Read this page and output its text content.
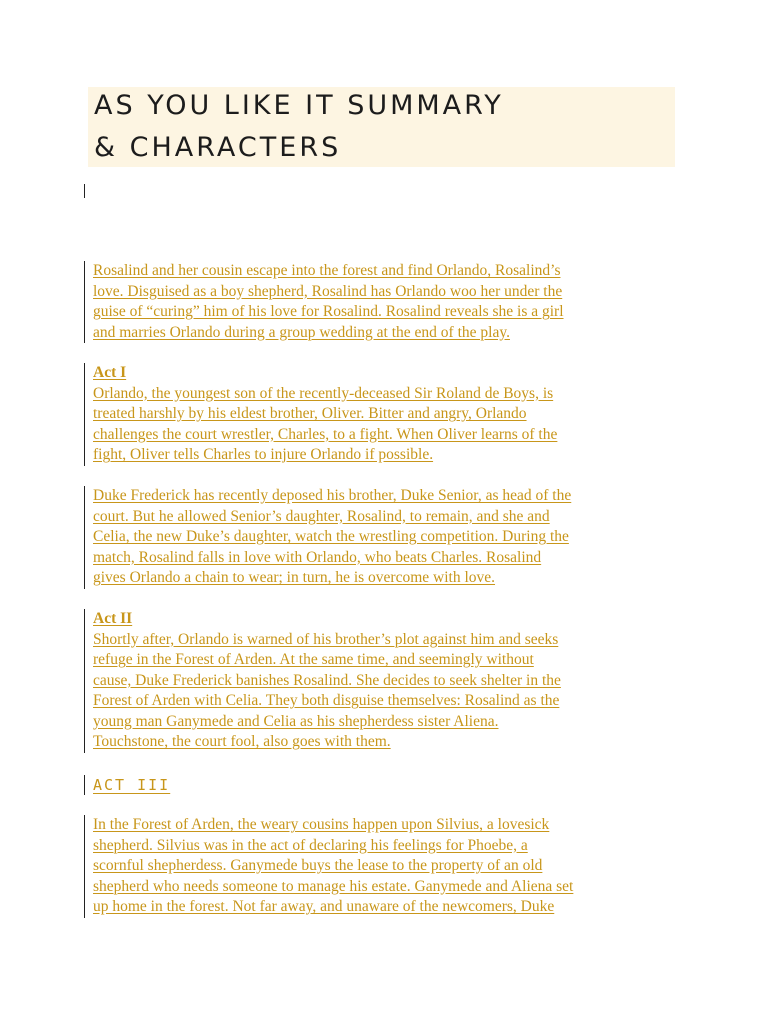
AS YOU LIKE IT SUMMARY
& CHARACTERS
Rosalind and her cousin escape into the forest and find Orlando, Rosalind’s
love. Disguised as a boy shepherd, Rosalind has Orlando woo her under the
guise of “curing” him of his love for Rosalind. Rosalind reveals she is a girl
and marries Orlando during a group wedding at the end of the play.
Act I
Orlando, the youngest son of the recently-deceased Sir Roland de Boys, is
treated harshly by his eldest brother, Oliver. Bitter and angry, Orlando
challenges the court wrestler, Charles, to a fight. When Oliver learns of the
fight, Oliver tells Charles to injure Orlando if possible.
Duke Frederick has recently deposed his brother, Duke Senior, as head of the
court. But he allowed Senior’s daughter, Rosalind, to remain, and she and
Celia, the new Duke’s daughter, watch the wrestling competition. During the
match, Rosalind falls in love with Orlando, who beats Charles. Rosalind
gives Orlando a chain to wear; in turn, he is overcome with love.
Act II
Shortly after, Orlando is warned of his brother’s plot against him and seeks
refuge in the Forest of Arden. At the same time, and seemingly without
cause, Duke Frederick banishes Rosalind. She decides to seek shelter in the
Forest of Arden with Celia. They both disguise themselves: Rosalind as the
young man Ganymede and Celia as his shepherdess sister Aliena.
Touchstone, the court fool, also goes with them.
ACT III
In the Forest of Arden, the weary cousins happen upon Silvius, a lovesick
shepherd. Silvius was in the act of declaring his feelings for Phoebe, a
scornful shepherdess. Ganymede buys the lease to the property of an old
shepherd who needs someone to manage his estate. Ganymede and Aliena set
up home in the forest. Not far away, and unaware of the newcomers, Duke
